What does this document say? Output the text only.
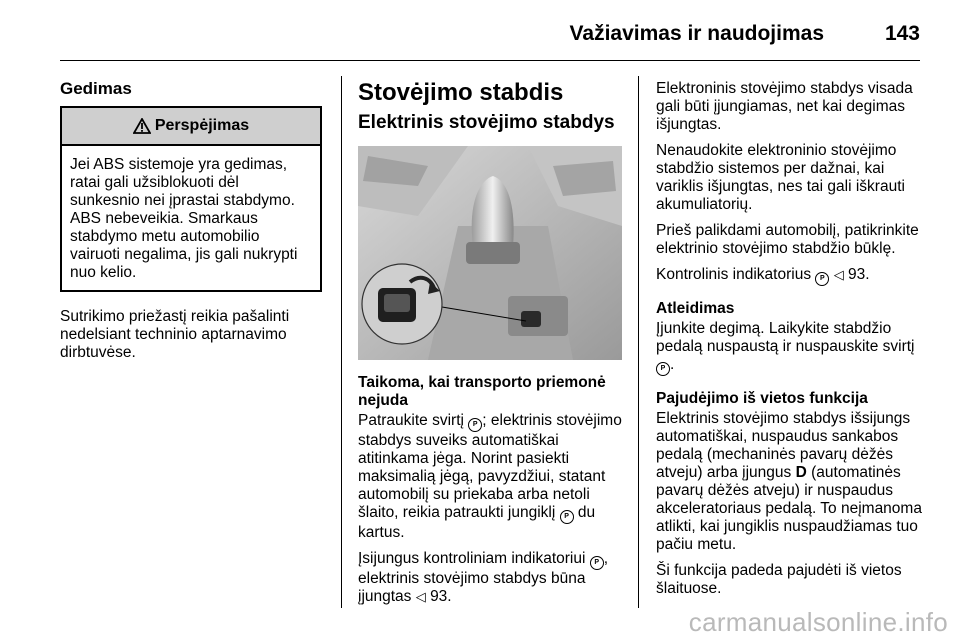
Važiavimas ir naudojimas	143
Gedimas
Perspėjimas
Jei ABS sistemoje yra gedimas, ratai gali užsiblokuoti dėl sunkesnio nei įprastai stabdymo. ABS nebeveikia. Smarkaus stabdymo metu automobilio vairuoti negalima, jis gali nukrypti nuo kelio.

Sutrikimo priežastį reikia pašalinti nedelsiant techninio aptarnavimo dirbtuvėse.

Stovėjimo stabdis
Elektrinis stovėjimo stabdys
Taikoma, kai transporto priemonė nejuda

Patraukite svirtį P ; elektrinis stovėjimo stabdys suveiks automatiškai atitinkama jėga. Norint pasiekti maksimalią jėgą, pavyzdžiui, statant automobilį su priekaba arba netoli šlaito, reikia patraukti jungiklį P du kartus.

Įsijungus kontroliniam indikatoriui P , elektrinis stovėjimo stabdys būna įjungtas ◁ 93.

Elektroninis stovėjimo stabdys visada gali būti įjungiamas, net kai degimas išjungtas.

Nenaudokite elektroninio stovėjimo stabdžio sistemos per dažnai, kai variklis išjungtas, nes tai gali iškrauti akumuliatorių.

Prieš palikdami automobilį, patikrinkite elektrinio stovėjimo stabdžio būklę.

Kontrolinis indikatorius P ◁ 93.

Atleidimas

Įjunkite degimą. Laikykite stabdžio pedalą nuspaustą ir nuspauskite svirtį P .

Pajudėjimo iš vietos funkcija

Elektrinis stovėjimo stabdys išsijungs automatiškai, nuspaudus sankabos pedalą (mechaninės pavarų dėžės atveju) arba įjungus D (automatinės pavarų dėžės atveju) ir nuspaudus akceleratoriaus pedalą. To neįmanoma atlikti, kai jungiklis nuspaudžiamas tuo pačiu metu.

Ši funkcija padeda pajudėti iš vietos šlaituose.

carmanualsonline.info
